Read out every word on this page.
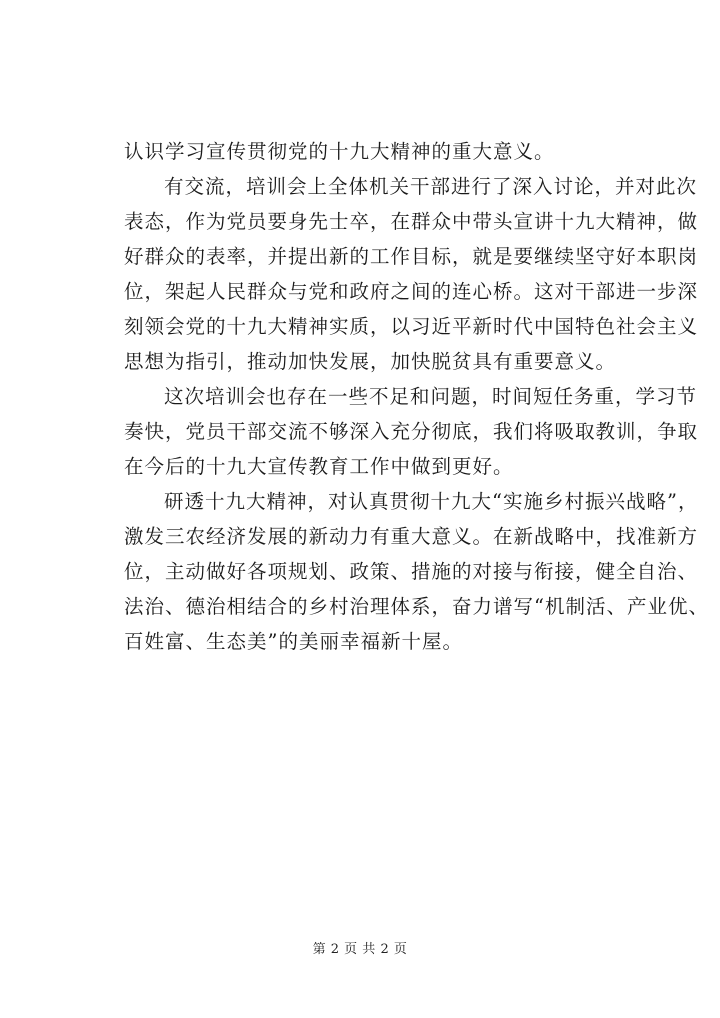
认识学习宣传贯彻党的十九大精神的重大意义。
有交流，培训会上全体机关干部进行了深入讨论，并对此次
表态，作为党员要身先士卒，在群众中带头宣讲十九大精神，做
好群众的表率，并提出新的工作目标，就是要继续坚守好本职岗
位，架起人民群众与党和政府之间的连心桥。这对干部进一步深
刻领会党的十九大精神实质，以习近平新时代中国特色社会主义
思想为指引，推动加快发展，加快脱贫具有重要意义。
这次培训会也存在一些不足和问题，时间短任务重，学习节
奏快，党员干部交流不够深入充分彻底，我们将吸取教训，争取
在今后的十九大宣传教育工作中做到更好。
研透十九大精神，对认真贯彻十九大“实施乡村振兴战略”，
激发三农经济发展的新动力有重大意义。在新战略中，找准新方
位，主动做好各项规划、政策、措施的对接与衔接，健全自治、
法治、德治相结合的乡村治理体系，奋力谱写“机制活、产业优、
百姓富、生态美”的美丽幸福新十屋。
第 2 页 共 2 页
